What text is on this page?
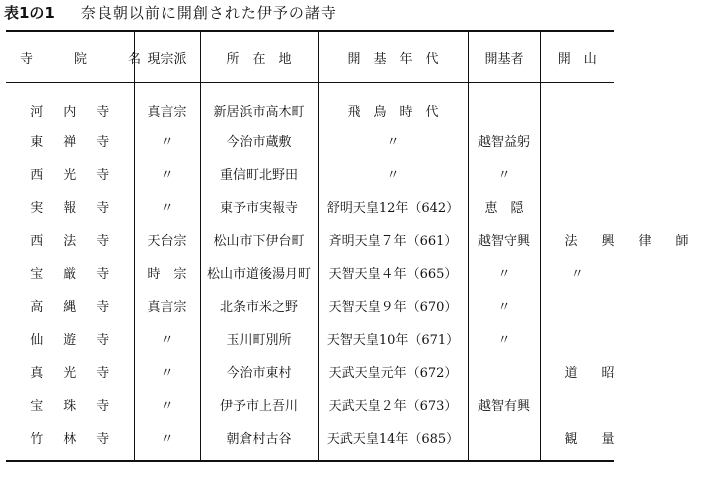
表1の1 奈良朝以前に開創された伊予の諸寺
寺　院　名	現宗派	所　在　地	開　基　年　代	開基者	開　山
河内寺	真言宗	新居浜市高木町	飛　鳥　時　代		
東禅寺	〃	今治市蔵敷	〃	越智益躬	
西光寺	〃	重信町北野田	〃	〃	
実報寺	〃	東予市実報寺	舒明天皇12年（642）	恵　隠	
西法寺	天台宗	松山市下伊台町	斉明天皇７年（661）	越智守興	法興律師
宝厳寺	時　宗	松山市道後湯月町	天智天皇４年（665）	〃	〃
高縄寺	真言宗	北条市米之野	天智天皇９年（670）	〃	
仙遊寺	〃	玉川町別所	天智天皇10年（671）	〃	
真光寺	〃	今治市東村	天武天皇元年（672）		道昭
宝珠寺	〃	伊予市上吾川	天武天皇２年（673）	越智有興	
竹林寺	〃	朝倉村古谷	天武天皇14年（685）		観量
